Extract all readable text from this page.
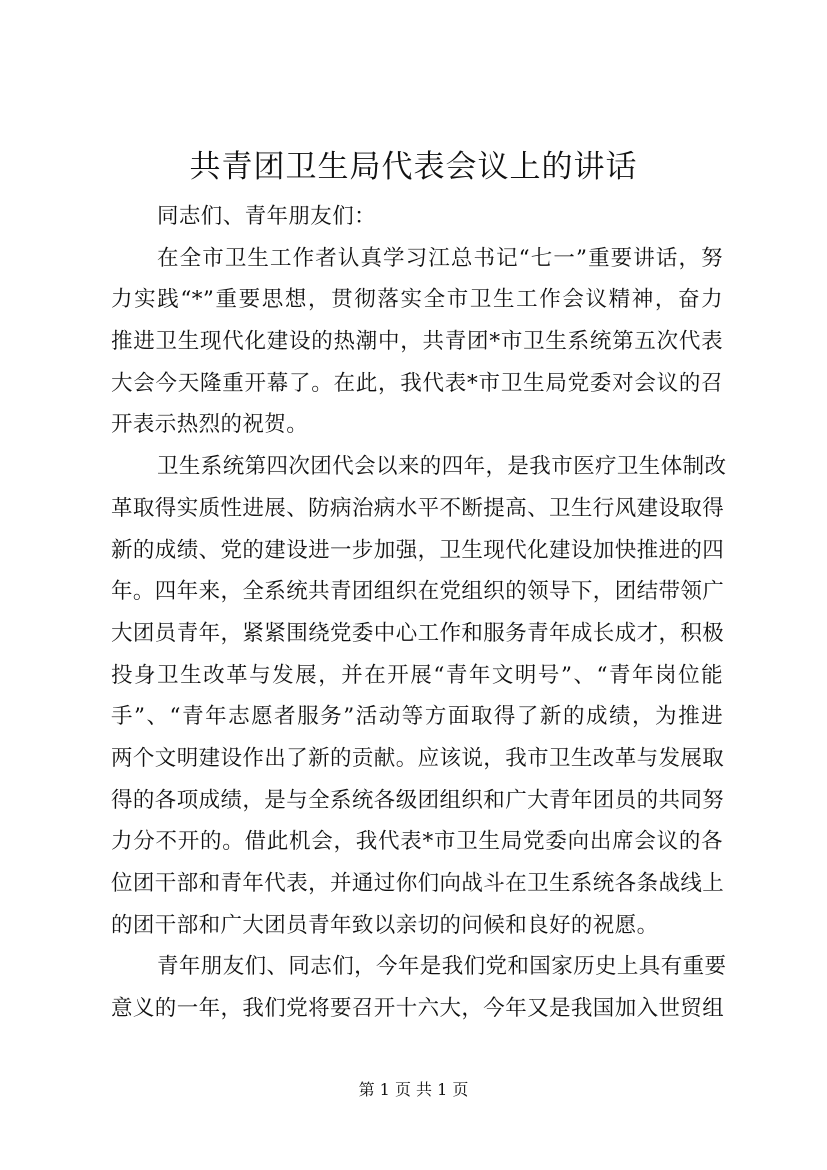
共青团卫生局代表会议上的讲话
同志们、青年朋友们：
在全市卫生工作者认真学习江总书记“七一”重要讲话，努
力实践“*”重要思想，贯彻落实全市卫生工作会议精神，奋力
推进卫生现代化建设的热潮中，共青团*市卫生系统第五次代表
大会今天隆重开幕了。在此，我代表*市卫生局党委对会议的召
开表示热烈的祝贺。
卫生系统第四次团代会以来的四年，是我市医疗卫生体制改
革取得实质性进展、防病治病水平不断提高、卫生行风建设取得
新的成绩、党的建设进一步加强，卫生现代化建设加快推进的四
年。四年来，全系统共青团组织在党组织的领导下，团结带领广
大团员青年，紧紧围绕党委中心工作和服务青年成长成才，积极
投身卫生改革与发展，并在开展“青年文明号”、“青年岗位能
手”、“青年志愿者服务”活动等方面取得了新的成绩，为推进
两个文明建设作出了新的贡献。应该说，我市卫生改革与发展取
得的各项成绩，是与全系统各级团组织和广大青年团员的共同努
力分不开的。借此机会，我代表*市卫生局党委向出席会议的各
位团干部和青年代表，并通过你们向战斗在卫生系统各条战线上
的团干部和广大团员青年致以亲切的问候和良好的祝愿。
青年朋友们、同志们，今年是我们党和国家历史上具有重要
意义的一年，我们党将要召开十六大，今年又是我国加入世贸组
第 1 页 共 1 页
